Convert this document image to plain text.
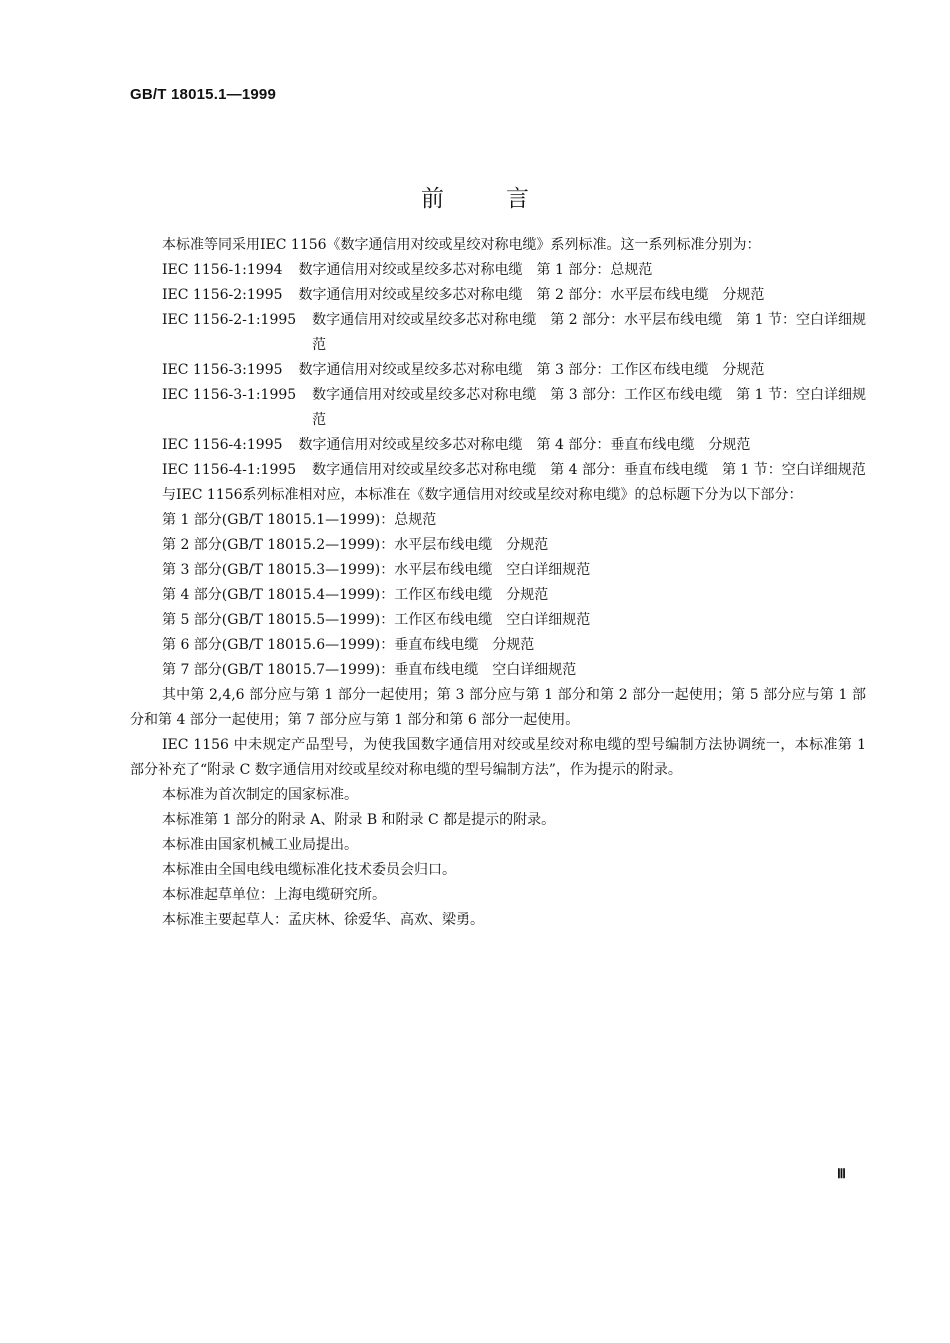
GB/T 18015.1—1999
前言

本标准等同采用IEC 1156《数字通信用对绞或星绞对称电缆》系列标准。这一系列标准分别为：

IEC 1156-1:1994	数字通信用对绞或星绞多芯对称电缆　第 1 部分：总规范
IEC 1156-2:1995	数字通信用对绞或星绞多芯对称电缆　第 2 部分：水平层布线电缆　分规范
IEC 1156-2-1:1995	数字通信用对绞或星绞多芯对称电缆　第 2 部分：水平层布线电缆　第 1 节：空白详细规范
IEC 1156-3:1995	数字通信用对绞或星绞多芯对称电缆　第 3 部分：工作区布线电缆　分规范
IEC 1156-3-1:1995	数字通信用对绞或星绞多芯对称电缆　第 3 部分：工作区布线电缆　第 1 节：空白详细规范
IEC 1156-4:1995	数字通信用对绞或星绞多芯对称电缆　第 4 部分：垂直布线电缆　分规范
IEC 1156-4-1:1995	数字通信用对绞或星绞多芯对称电缆　第 4 部分：垂直布线电缆　第 1 节：空白详细规范

与IEC 1156系列标准相对应，本标准在《数字通信用对绞或星绞对称电缆》的总标题下分为以下部分：

第 1 部分(GB/T 18015.1—1999)：总规范

第 2 部分(GB/T 18015.2—1999)：水平层布线电缆　分规范

第 3 部分(GB/T 18015.3—1999)：水平层布线电缆　空白详细规范

第 4 部分(GB/T 18015.4—1999)：工作区布线电缆　分规范

第 5 部分(GB/T 18015.5—1999)：工作区布线电缆　空白详细规范

第 6 部分(GB/T 18015.6—1999)：垂直布线电缆　分规范

第 7 部分(GB/T 18015.7—1999)：垂直布线电缆　空白详细规范

其中第 2,4,6 部分应与第 1 部分一起使用；第 3 部分应与第 1 部分和第 2 部分一起使用；第 5 部分应与第 1 部分和第 4 部分一起使用；第 7 部分应与第 1 部分和第 6 部分一起使用。

IEC 1156 中未规定产品型号，为使我国数字通信用对绞或星绞对称电缆的型号编制方法协调统一，本标准第 1 部分补充了“附录 C 数字通信用对绞或星绞对称电缆的型号编制方法”，作为提示的附录。

本标准为首次制定的国家标准。

本标准第 1 部分的附录 A、附录 B 和附录 C 都是提示的附录。

本标准由国家机械工业局提出。

本标准由全国电线电缆标准化技术委员会归口。

本标准起草单位：上海电缆研究所。

本标准主要起草人：孟庆林、徐爱华、高欢、梁勇。

Ⅲ
